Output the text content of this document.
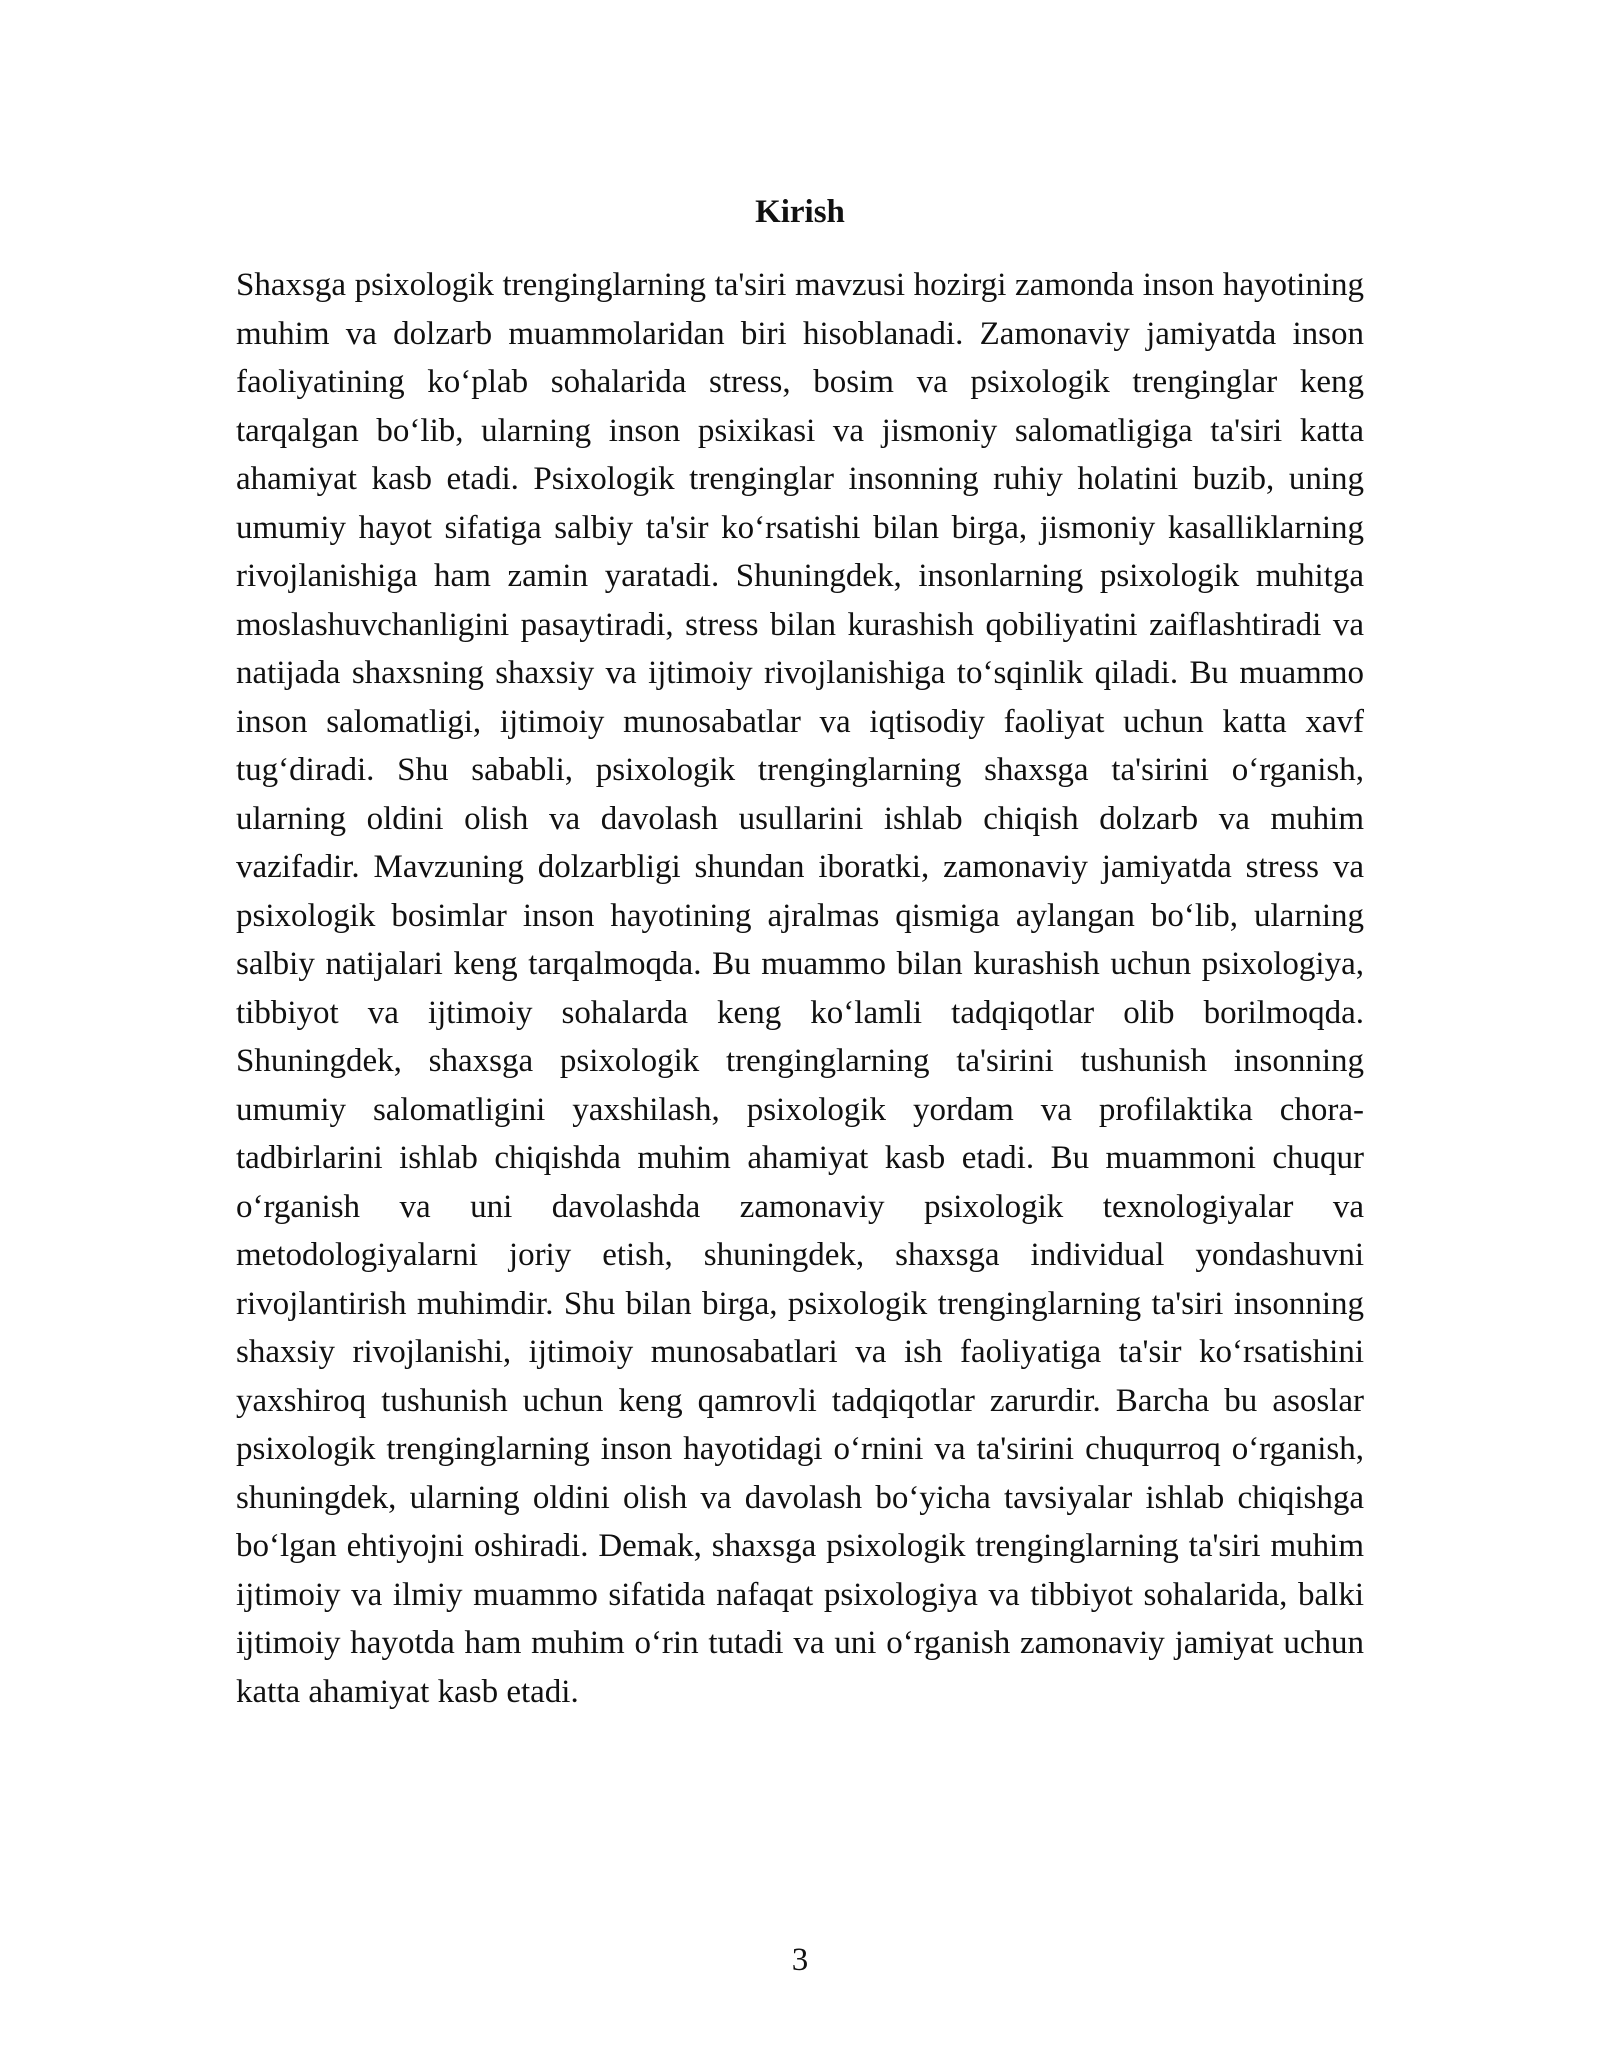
Kirish

Shaxsga psixologik trenginglarning ta'siri mavzusi hozirgi zamonda inson hayotining muhim va dolzarb muammolaridan biri hisoblanadi. Zamonaviy jamiyatda inson faoliyatining ko‘plab sohalarida stress, bosim va psixologik trenginglar keng tarqalgan bo‘lib, ularning inson psixikasi va jismoniy salomatligiga ta'siri katta ahamiyat kasb etadi. Psixologik trenginglar insonning ruhiy holatini buzib, uning umumiy hayot sifatiga salbiy ta'sir ko‘rsatishi bilan birga, jismoniy kasalliklarning rivojlanishiga ham zamin yaratadi. Shuningdek, insonlarning psixologik muhitga moslashuvchanligini pasaytiradi, stress bilan kurashish qobiliyatini zaiflashtiradi va natijada shaxsning shaxsiy va ijtimoiy rivojlanishiga to‘sqinlik qiladi. Bu muammo inson salomatligi, ijtimoiy munosabatlar va iqtisodiy faoliyat uchun katta xavf tug‘diradi. Shu sababli, psixologik trenginglarning shaxsga ta'sirini o‘rganish, ularning oldini olish va davolash usullarini ishlab chiqish dolzarb va muhim vazifadir. Mavzuning dolzarbligi shundan iboratki, zamonaviy jamiyatda stress va psixologik bosimlar inson hayotining ajralmas qismiga aylangan bo‘lib, ularning salbiy natijalari keng tarqalmoqda. Bu muammo bilan kurashish uchun psixologiya, tibbiyot va ijtimoiy sohalarda keng ko‘lamli tadqiqotlar olib borilmoqda. Shuningdek, shaxsga psixologik trenginglarning ta'sirini tushunish insonning umumiy salomatligini yaxshilash, psixologik yordam va profilaktika chora-tadbirlarini ishlab chiqishda muhim ahamiyat kasb etadi. Bu muammoni chuqur o‘rganish va uni davolashda zamonaviy psixologik texnologiyalar va metodologiyalarni joriy etish, shuningdek, shaxsga individual yondashuvni rivojlantirish muhimdir. Shu bilan birga, psixologik trenginglarning ta'siri insonning shaxsiy rivojlanishi, ijtimoiy munosabatlari va ish faoliyatiga ta'sir ko‘rsatishini yaxshiroq tushunish uchun keng qamrovli tadqiqotlar zarurdir. Barcha bu asoslar psixologik trenginglarning inson hayotidagi o‘rnini va ta'sirini chuqurroq o‘rganish, shuningdek, ularning oldini olish va davolash bo‘yicha tavsiyalar ishlab chiqishga bo‘lgan ehtiyojni oshiradi. Demak, shaxsga psixologik trenginglarning ta'siri muhim ijtimoiy va ilmiy muammo sifatida nafaqat psixologiya va tibbiyot sohalarida, balki ijtimoiy hayotda ham muhim o‘rin tutadi va uni o‘rganish zamonaviy jamiyat uchun katta ahamiyat kasb etadi.

3
